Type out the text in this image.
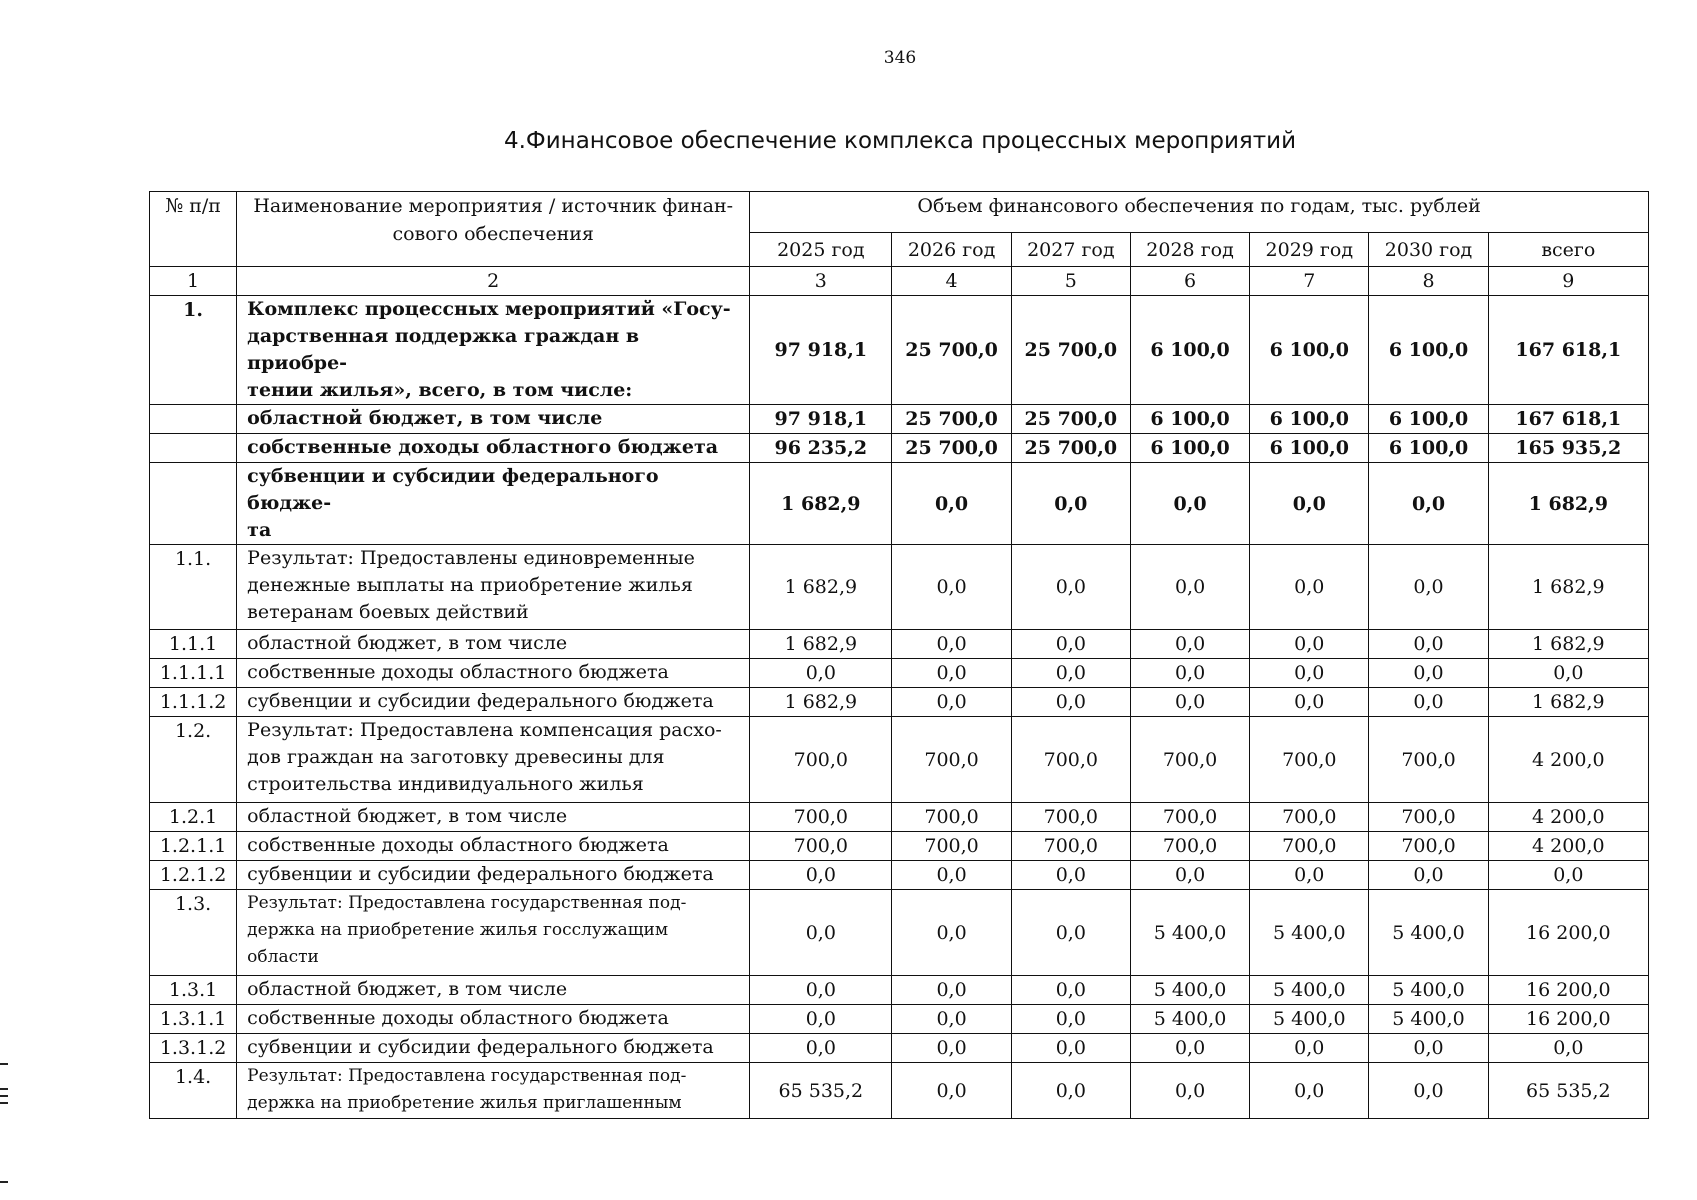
346
4.Финансовое обеспечение комплекса процессных мероприятий
№ п/п	Наименование мероприятия / источник финан-
сового обеспечения	Объем финансового обеспечения по годам, тыс. рублей						
		2025 год	2026 год	2027 год	2028 год	2029 год	2030 год	всего
1	2	3	4	5	6	7	8	9
1.	Комплекс процессных мероприятий «Госу-
дарственная поддержка граждан в приобре-
тении жилья», всего, в том числе:	97 918,1	25 700,0	25 700,0	6 100,0	6 100,0	6 100,0	167 618,1
	областной бюджет, в том числе	97 918,1	25 700,0	25 700,0	6 100,0	6 100,0	6 100,0	167 618,1
	собственные доходы областного бюджета	96 235,2	25 700,0	25 700,0	6 100,0	6 100,0	6 100,0	165 935,2
	субвенции и субсидии федерального бюдже-
та	1 682,9	0,0	0,0	0,0	0,0	0,0	1 682,9
1.1.	Результат: Предоставлены единовременные
денежные выплаты на приобретение жилья
ветеранам боевых действий	1 682,9	0,0	0,0	0,0	0,0	0,0	1 682,9
1.1.1	областной бюджет, в том числе	1 682,9	0,0	0,0	0,0	0,0	0,0	1 682,9
1.1.1.1	собственные доходы областного бюджета	0,0	0,0	0,0	0,0	0,0	0,0	0,0
1.1.1.2	субвенции и субсидии федерального бюджета	1 682,9	0,0	0,0	0,0	0,0	0,0	1 682,9
1.2.	Результат: Предоставлена компенсация расхо-
дов граждан на заготовку древесины для
строительства индивидуального жилья	700,0	700,0	700,0	700,0	700,0	700,0	4 200,0
1.2.1	областной бюджет, в том числе	700,0	700,0	700,0	700,0	700,0	700,0	4 200,0
1.2.1.1	собственные доходы областного бюджета	700,0	700,0	700,0	700,0	700,0	700,0	4 200,0
1.2.1.2	субвенции и субсидии федерального бюджета	0,0	0,0	0,0	0,0	0,0	0,0	0,0
1.3.	Результат: Предоставлена государственная под-
держка на приобретение жилья госслужащим
области	0,0	0,0	0,0	5 400,0	5 400,0	5 400,0	16 200,0
1.3.1	областной бюджет, в том числе	0,0	0,0	0,0	5 400,0	5 400,0	5 400,0	16 200,0
1.3.1.1	собственные доходы областного бюджета	0,0	0,0	0,0	5 400,0	5 400,0	5 400,0	16 200,0
1.3.1.2	субвенции и субсидии федерального бюджета	0,0	0,0	0,0	0,0	0,0	0,0	0,0
1.4.	Результат: Предоставлена государственная под-
держка на приобретение жилья приглашенным	65 535,2	0,0	0,0	0,0	0,0	0,0	65 535,2
